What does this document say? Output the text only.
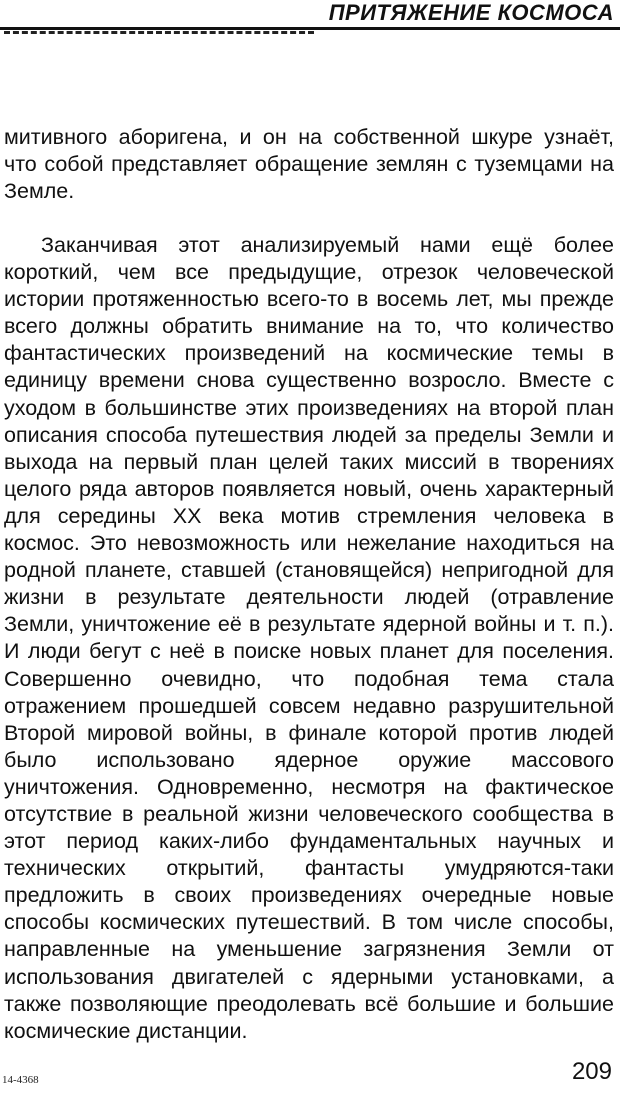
ПРИТЯЖЕНИЕ КОСМОСА

митивного аборигена, и он на собственной шкуре узнаёт, что собой представляет обращение землян с туземцами на Земле.

Заканчивая этот анализируемый нами ещё более короткий, чем все предыдущие, отрезок человеческой истории протяженностью всего-то в восемь лет, мы прежде всего должны обратить внимание на то, что количество фантастических произведений на космические темы в единицу времени снова существенно возросло. Вместе с уходом в большинстве этих произведениях на второй план описания способа путешествия людей за пределы Земли и выхода на первый план целей таких миссий в творениях целого ряда авторов появляется новый, очень характерный для середины XX века мотив стремления человека в космос. Это невозможность или нежелание находиться на родной планете, ставшей (становящейся) непригодной для жизни в результате деятельности людей (отравление Земли, уничтожение её в результате ядерной войны и т. п.). И люди бегут с неё в поиске новых планет для поселения. Совершенно очевидно, что подобная тема стала отражением прошедшей совсем недавно разрушительной Второй мировой войны, в финале которой против людей было использовано ядерное оружие массового уничтожения. Одновременно, несмотря на фактическое отсутствие в реальной жизни человеческого сообщества в этот период каких-либо фундаментальных научных и технических открытий, фантасты умудряются-таки предложить в своих произведениях очередные новые способы космических путешествий. В том числе способы, направленные на уменьшение загрязнения Земли от использования двигателей с ядерными установками, а также позволяющие преодолевать всё большие и большие космические дистанции.

14-4368	209
